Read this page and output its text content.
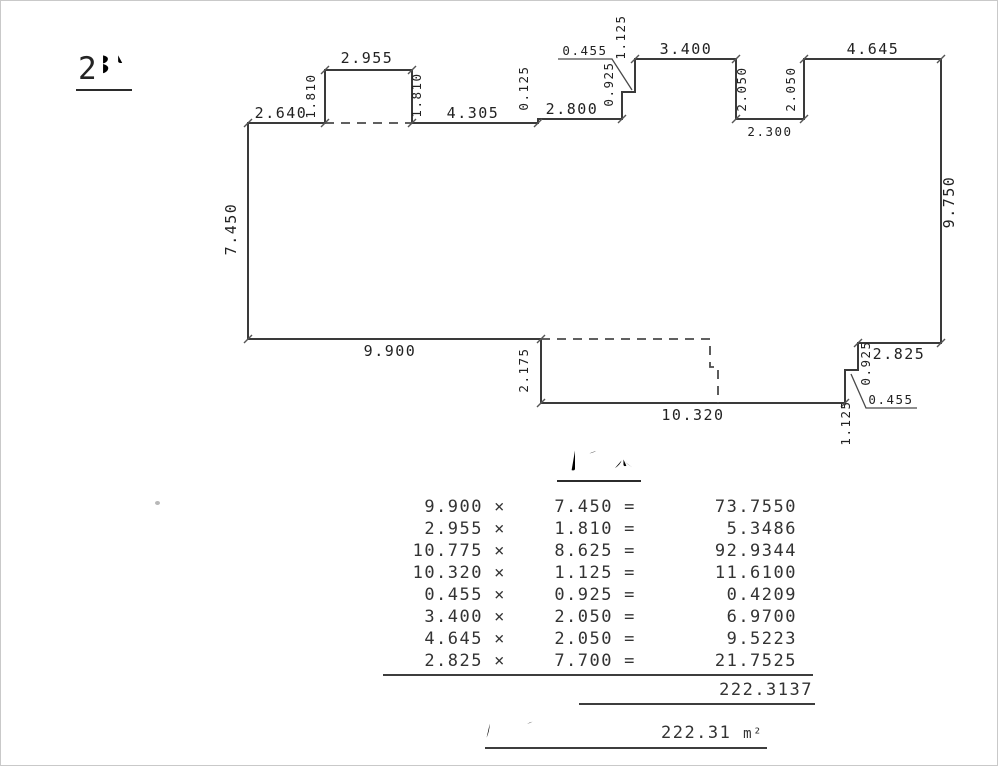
2
2.640
2.955
4.305	2.800
0.455	3.400
2.300
4.645
9.900
10.320
2.825
0.455
1.810	1.810	0.125	0.925
1.125
2.050	2.050
7.450
9.750
2.175	0.925
1.125
9.900 ×	7.450 =	73.7550
2.955 ×	1.810 =	5.3486
10.775 ×	8.625 =	92.9344
10.320 ×	1.125 =	11.6100
0.455 ×	0.925 =	0.4209
3.400 ×	2.050 =	6.9700
4.645 ×	2.050 =	9.5223
2.825 ×	7.700 =	21.7525
222.3137
222.31 m²
